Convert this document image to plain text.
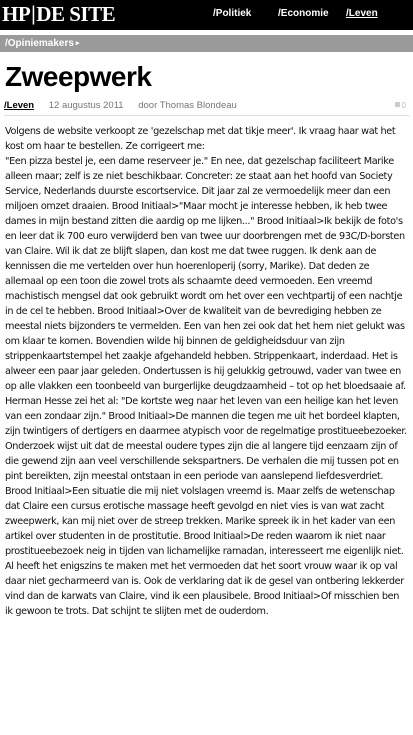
HP|DE SITE	/Politiek	/Economie /Leven
/Opiniemakers ▸
Zweepwerk
/Leven 12 augustus 2011 door Thomas Blondeau	0

Volgens de website verkoopt ze 'gezelschap met dat tikje meer'. Ik vraag haar wat het kost om haar te bestellen. Ze corrigeert me:

"Een pizza bestel je, een dame reserveer je." En nee, dat gezelschap faciliteert Marike alleen maar; zelf is ze niet beschikbaar. Concreter: ze staat aan het hoofd van Society Service, Nederlands duurste escortservice. Dit jaar zal ze vermoedelijk meer dan een miljoen omzet draaien. Brood Initiaal>"Maar mocht je interesse hebben, ik heb twee dames in mijn bestand zitten die aardig op me lijken..." Brood Initiaal>Ik bekijk de foto's en leer dat ik 700 euro verwijderd ben van twee uur doorbrengen met de 93C/D-borsten van Claire. Wil ik dat ze blijft slapen, dan kost me dat twee ruggen. Ik denk aan de kennissen die me vertelden over hun hoerenloperij (sorry, Marike). Dat deden ze allemaal op een toon die zowel trots als schaamte deed vermoeden. Een vreemd machistisch mengsel dat ook gebruikt wordt om het over een vechtpartij of een nachtje in de cel te hebben. Brood Initiaal>Over de kwaliteit van de bevrediging hebben ze meestal niets bijzonders te vermelden. Een van hen zei ook dat het hem niet gelukt was om klaar te komen. Bovendien wilde hij binnen de geldigheidsduur van zijn strippenkaartstempel het zaakje afgehandeld hebben. Strippenkaart, inderdaad. Het is alweer een paar jaar geleden. Ondertussen is hij gelukkig getrouwd, vader van twee en op alle vlakken een toonbeeld van burgerlijke deugdzaamheid – tot op het bloedsaaie af. Herman Hesse zei het al: "De kortste weg naar het leven van een heilige kan het leven van een zondaar zijn." Brood Initiaal>De mannen die tegen me uit het bordeel klapten, zijn twintigers of dertigers en daarmee atypisch voor de regelmatige prostitueebezoeker. Onderzoek wijst uit dat de meestal oudere types zijn die al langere tijd eenzaam zijn of die gewend zijn aan veel verschillende sekspartners. De verhalen die mij tussen pot en pint bereikten, zijn meestal ontstaan in een periode van aanslepend liefdesverdriet. Brood Initiaal>Een situatie die mij niet volslagen vreemd is. Maar zelfs de wetenschap dat Claire een cursus erotische massage heeft gevolgd en niet vies is van wat zacht zweepwerk, kan mij niet over de streep trekken. Marike spreek ik in het kader van een artikel over studenten in de prostitutie. Brood Initiaal>De reden waarom ik niet naar prostitueebezoek neig in tijden van lichamelijke ramadan, interesseert me eigenlijk niet. Al heeft het enigszins te maken met het vermoeden dat het soort vrouw waar ik op val daar niet gecharmeerd van is. Ook de verklaring dat ik de gesel van ontbering lekkerder vind dan de karwats van Claire, vind ik een plausibele. Brood Initiaal>Of misschien ben ik gewoon te trots. Dat schijnt te slijten met de ouderdom.
